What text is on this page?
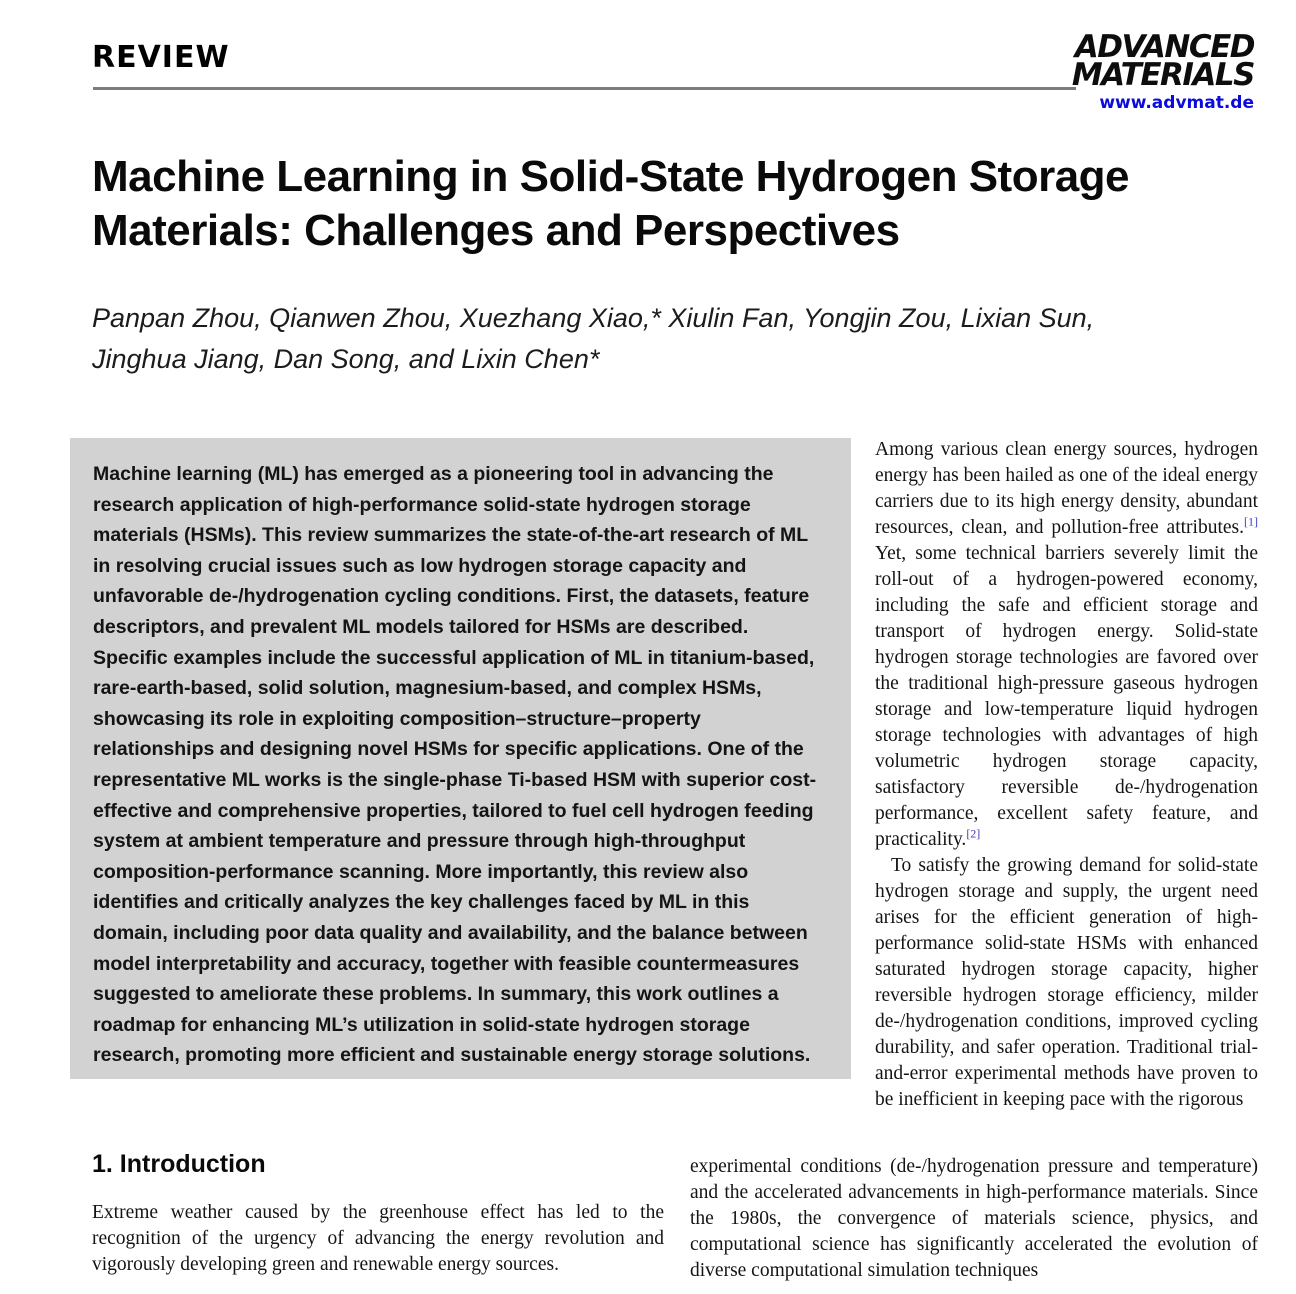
REVIEW	ADVANCED
MATERIALS
www.advmat.de
Machine Learning in Solid-State Hydrogen Storage
Materials: Challenges and Perspectives
Panpan Zhou, Qianwen Zhou, Xuezhang Xiao,* Xiulin Fan, Yongjin Zou, Lixian Sun,
Jinghua Jiang, Dan Song, and Lixin Chen*
Machine learning (ML) has emerged as a pioneering tool in advancing the research application of high-performance solid-state hydrogen storage materials (HSMs). This review summarizes the state-of-the-art research of ML in resolving crucial issues such as low hydrogen storage capacity and unfavorable de-/hydrogenation cycling conditions. First, the datasets, feature descriptors, and prevalent ML models tailored for HSMs are described. Specific examples include the successful application of ML in titanium-based, rare-earth-based, solid solution, magnesium-based, and complex HSMs, showcasing its role in exploiting composition–structure–property relationships and designing novel HSMs for specific applications. One of the representative ML works is the single-phase Ti-based HSM with superior cost-effective and comprehensive properties, tailored to fuel cell hydrogen feeding system at ambient temperature and pressure through high-throughput composition-performance scanning. More importantly, this review also identifies and critically analyzes the key challenges faced by ML in this domain, including poor data quality and availability, and the balance between model interpretability and accuracy, together with feasible countermeasures suggested to ameliorate these problems. In summary, this work outlines a roadmap for enhancing ML’s utilization in solid-state hydrogen storage research, promoting more efficient and sustainable energy storage solutions.

Among various clean energy sources, hydrogen energy has been hailed as one of the ideal energy carriers due to its high energy density, abundant resources, clean, and pollution-free attributes.[1] Yet, some technical barriers severely limit the roll-out of a hydrogen-powered economy, including the safe and efficient storage and transport of hydrogen energy. Solid-state hydrogen storage technologies are favored over the traditional high-pressure gaseous hydrogen storage and low-temperature liquid hydrogen storage technologies with advantages of high volumetric hydrogen storage capacity, satisfactory reversible de-/hydrogenation performance, excellent safety feature, and practicality.[2]

To satisfy the growing demand for solid-state hydrogen storage and supply, the urgent need arises for the efficient generation of high-performance solid-state HSMs with enhanced saturated hydrogen storage capacity, higher reversible hydrogen storage efficiency, milder de-/hydrogenation conditions, improved cycling durability, and safer operation. Traditional trial-and-error experimental methods have proven to be inefficient in keeping pace with the rigorous

1. Introduction

Extreme weather caused by the greenhouse effect has led to the recognition of the urgency of advancing the energy revolution and vigorously developing green and renewable energy sources.

experimental conditions (de-/hydrogenation pressure and temperature) and the accelerated advancements in high-performance materials. Since the 1980s, the convergence of materials science, physics, and computational science has significantly accelerated the evolution of diverse computational simulation techniques
